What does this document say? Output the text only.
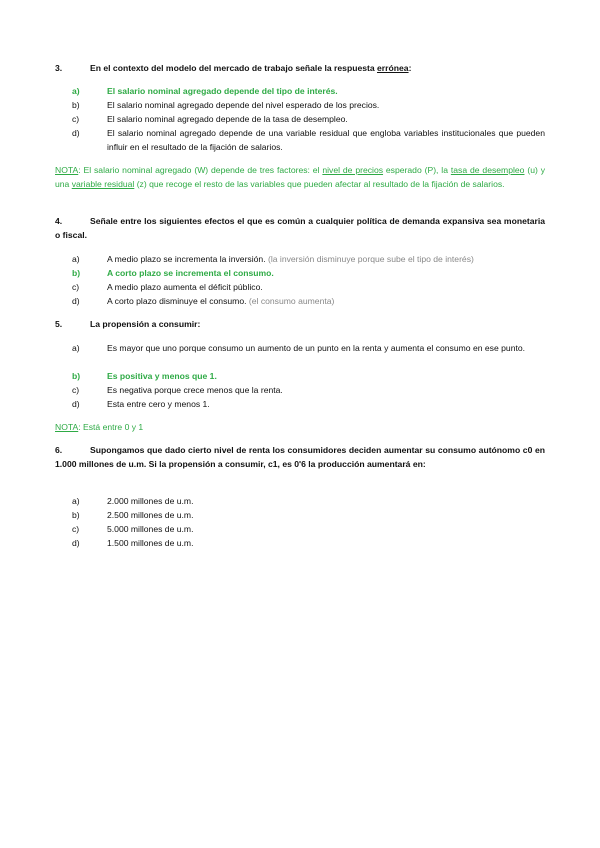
3.	En el contexto del modelo del mercado de trabajo señale la respuesta errónea:
a)	El salario nominal agregado depende del tipo de interés.
b)	El salario nominal agregado depende del nivel esperado de los precios.
c)	El salario nominal agregado depende de la tasa de desempleo.
d)	El salario nominal agregado depende de una variable residual que engloba variables institucionales que pueden influir en el resultado de la fijación de salarios.
NOTA: El salario nominal agregado (W) depende de tres factores: el nivel de precios esperado (P), la tasa de desempleo (u) y una variable residual (z) que recoge el resto de las variables que pueden afectar al resultado de la fijación de salarios.
4.	Señale entre los siguientes efectos el que es común a cualquier política de demanda expansiva sea monetaria o fiscal.
a)	A medio plazo se incrementa la inversión. (la inversión disminuye porque sube el tipo de interés)
b)	A corto plazo se incrementa el consumo.
c)	A medio plazo aumenta el déficit público.
d)	A corto plazo disminuye el consumo. (el consumo aumenta)
5.	La propensión a consumir:
a)	Es mayor que uno porque consumo un aumento de un punto en la renta y aumenta el consumo en ese punto.
b)	Es positiva y menos que 1.
c)	Es negativa porque crece menos que la renta.
d)	Esta entre cero y menos 1.
NOTA: Está entre 0 y 1
6.	Supongamos que dado cierto nivel de renta los consumidores deciden aumentar su consumo autónomo c0 en 1.000 millones de u.m. Si la propensión a consumir, c1, es 0'6 la producción aumentará en:
a)	2.000 millones de u.m.
b)	2.500 millones de u.m.
c)	5.000 millones de u.m.
d)	1.500 millones de u.m.
